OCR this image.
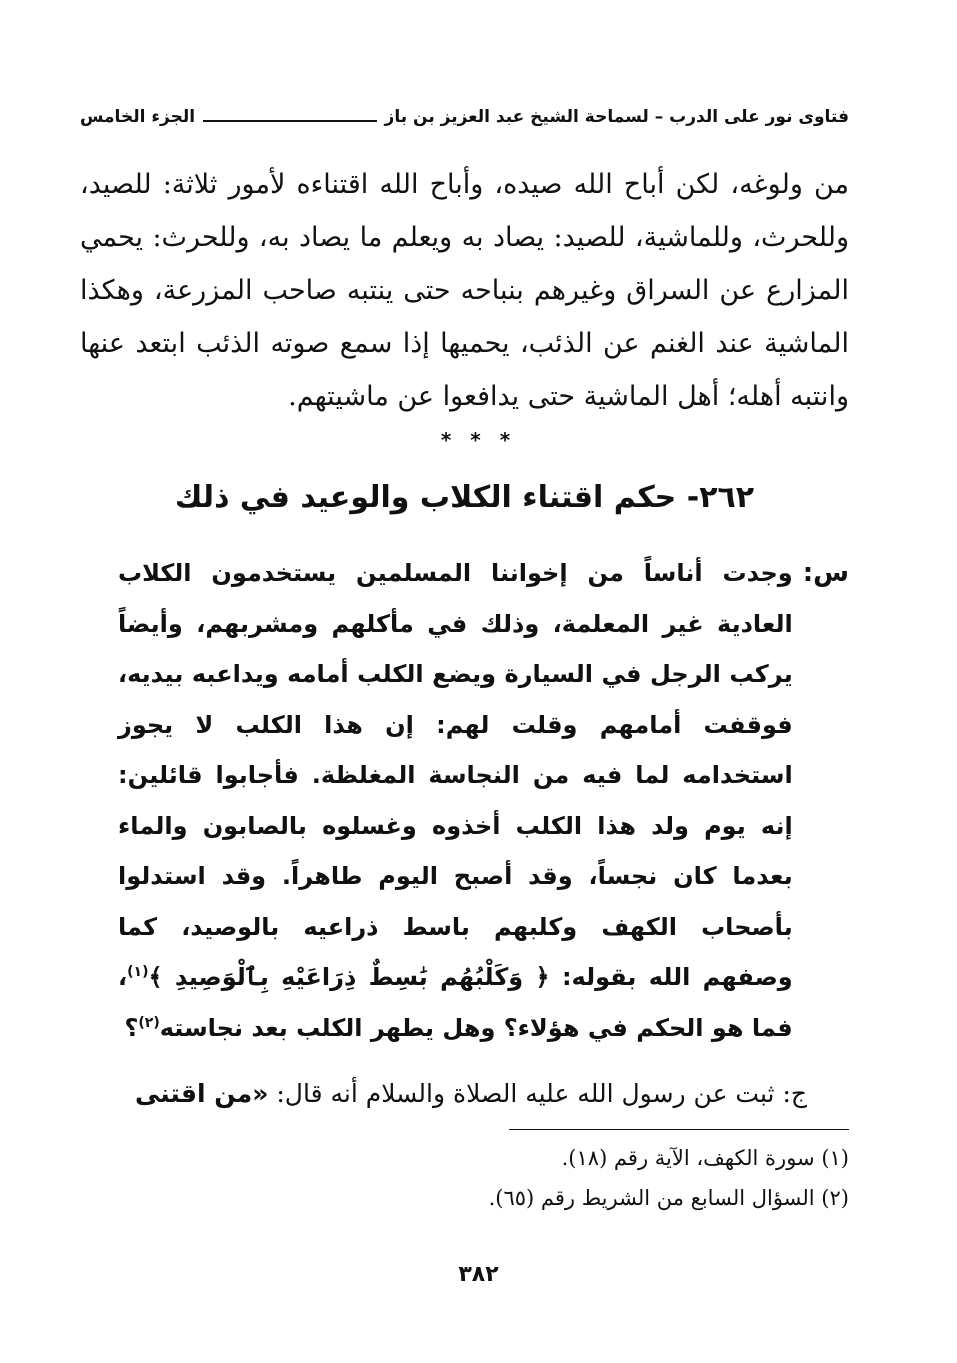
فتاوى نور على الدرب

– لسماحة الشيخ عبد العزيز بن باز
الجزء الخامس
من ولوغه، لكن أباح الله صيده، وأباح الله اقتناءه لأمور ثلاثة: للصيد، وللحرث، وللماشية، للصيد: يصاد به ويعلم ما يصاد به، وللحرث: يحمي المزارع عن السراق وغيرهم بنباحه حتى ينتبه صاحب المزرعة، وهكذا الماشية عند الغنم عن الذئب، يحميها إذا سمع صوته الذئب ابتعد عنها وانتبه أهله؛ أهل الماشية حتى يدافعوا عن ماشيتهم.
* * *
٢٦٢- حكم اقتناء الكلاب والوعيد في ذلك
س:
وجدت أناساً من إخواننا المسلمين يستخدمون الكلاب العادية غير المعلمة، وذلك في مأكلهم ومشربهم، وأيضاً يركب الرجل في السيارة ويضع الكلب أمامه ويداعبه بيديه، فوقفت أمامهم وقلت لهم: إن هذا الكلب لا يجوز استخدامه لما فيه من النجاسة المغلظة. فأجابوا قائلين: إنه يوم ولد هذا الكلب أخذوه وغسلوه بالصابون والماء بعدما كان نجساً، وقد أصبح اليوم طاهراً. وقد استدلوا بأصحاب الكهف وكلبهم باسط ذراعيه بالوصيد، كما وصفهم الله بقوله: ﴿ وَكَلْبُهُم بَٰسِطٌ ذِرَاعَيْهِ بِٱلْوَصِيدِ ﴾$^{(١)}$، فما هو الحكم في هؤلاء؟ وهل يطهر الكلب بعد نجاسته$^{(٢)}$؟
ج: ثبت عن رسول الله عليه الصلاة والسلام أنه قال: «من اقتنى
(١) سورة الكهف، الآية رقم (١٨).
(٢) السؤال السابع من الشريط رقم (٦٥).
٣٨٢
